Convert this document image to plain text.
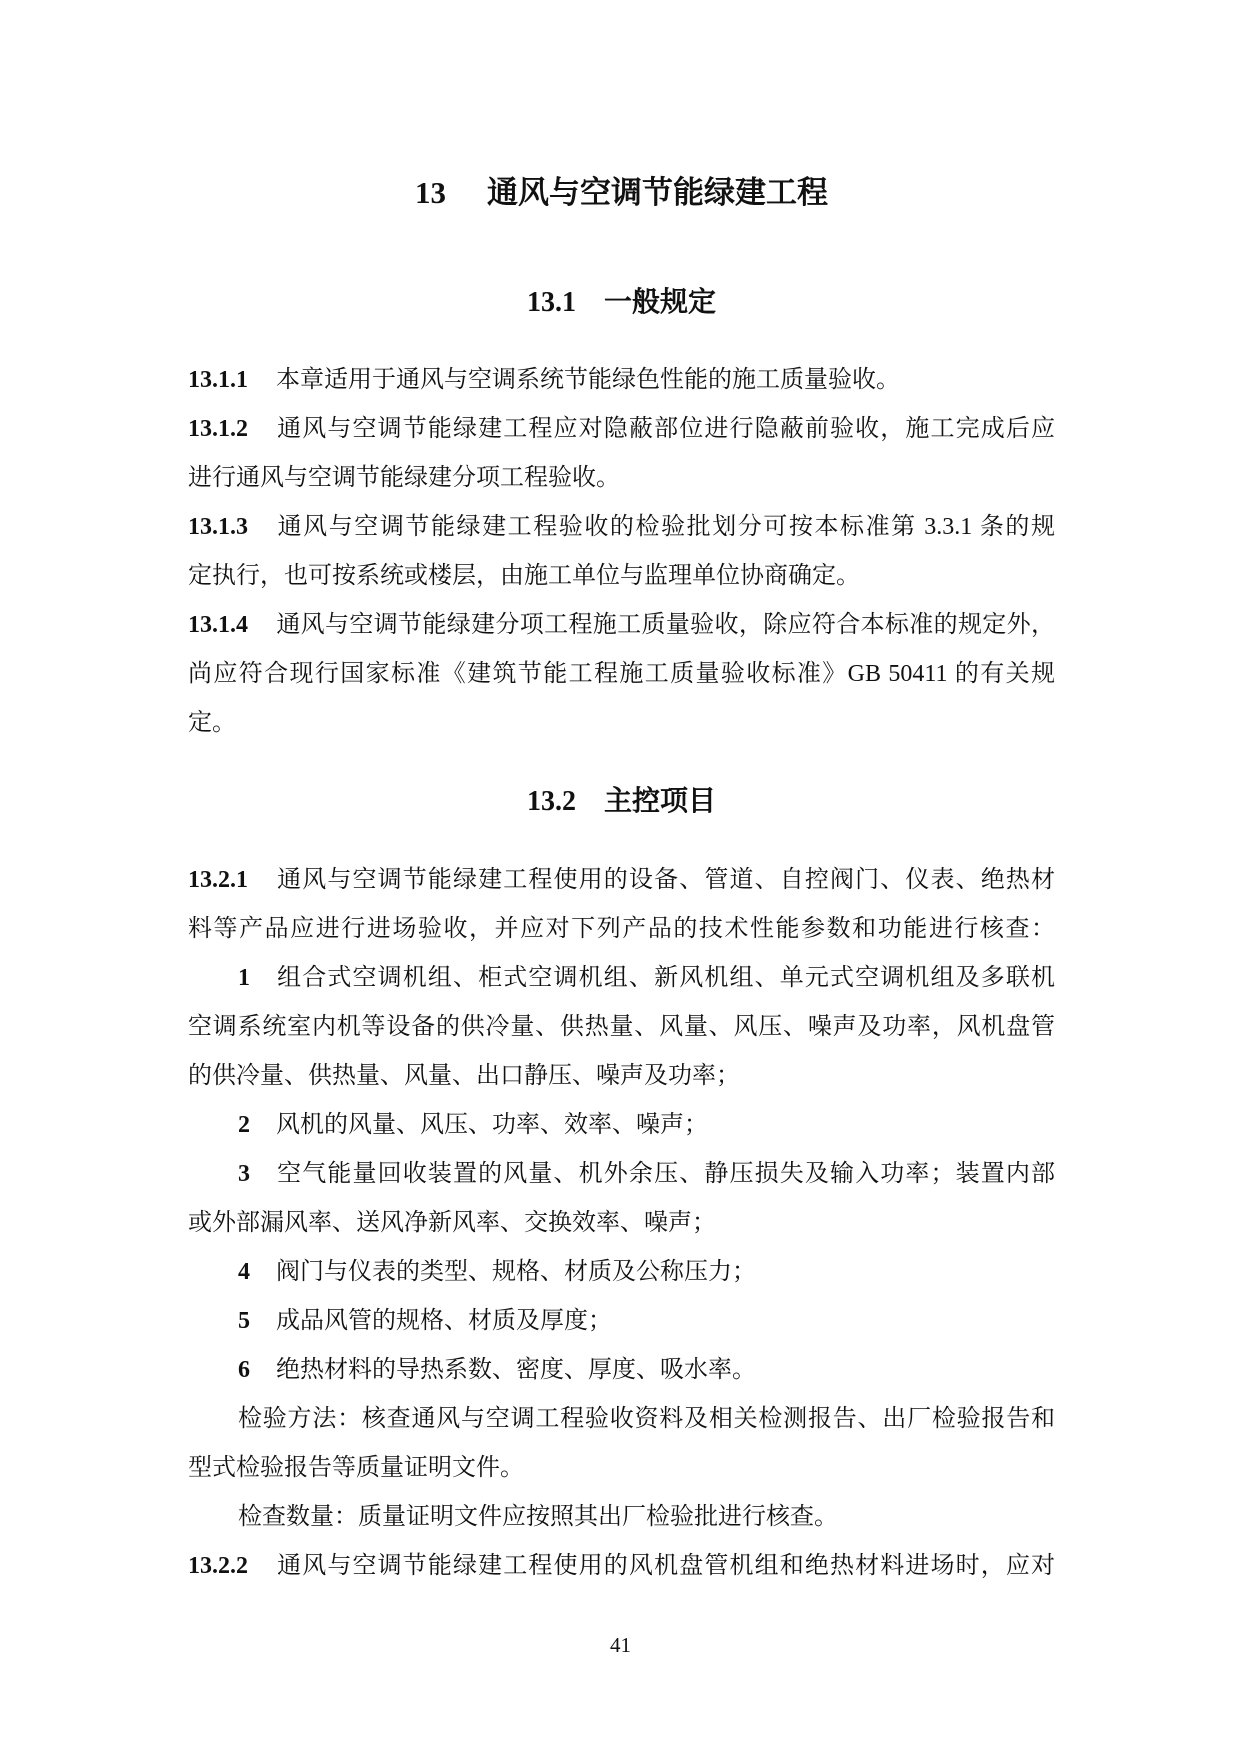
13 通风与空调节能绿建工程
13.1 一般规定
13.1.1 本章适用于通风与空调系统节能绿色性能的施工质量验收。
13.1.2 通风与空调节能绿建工程应对隐蔽部位进行隐蔽前验收，施工完成后应
进行通风与空调节能绿建分项工程验收。
13.1.3 通风与空调节能绿建工程验收的检验批划分可按本标准第 3.3.1 条的规
定执行，也可按系统或楼层，由施工单位与监理单位协商确定。
13.1.4 通风与空调节能绿建分项工程施工质量验收，除应符合本标准的规定外，
尚应符合现行国家标准《建筑节能工程施工质量验收标准》GB 50411 的有关规
定。
13.2 主控项目
13.2.1 通风与空调节能绿建工程使用的设备、管道、自控阀门、仪表、绝热材
料等产品应进行进场验收，并应对下列产品的技术性能参数和功能进行核查：
1 组合式空调机组、柜式空调机组、新风机组、单元式空调机组及多联机
空调系统室内机等设备的供冷量、供热量、风量、风压、噪声及功率，风机盘管
的供冷量、供热量、风量、出口静压、噪声及功率；
2 风机的风量、风压、功率、效率、噪声；
3 空气能量回收装置的风量、机外余压、静压损失及输入功率；装置内部
或外部漏风率、送风净新风率、交换效率、噪声；
4 阀门与仪表的类型、规格、材质及公称压力；
5 成品风管的规格、材质及厚度；
6 绝热材料的导热系数、密度、厚度、吸水率。
检验方法：核查通风与空调工程验收资料及相关检测报告、出厂检验报告和
型式检验报告等质量证明文件。
检查数量：质量证明文件应按照其出厂检验批进行核查。
13.2.2 通风与空调节能绿建工程使用的风机盘管机组和绝热材料进场时，应对
41
